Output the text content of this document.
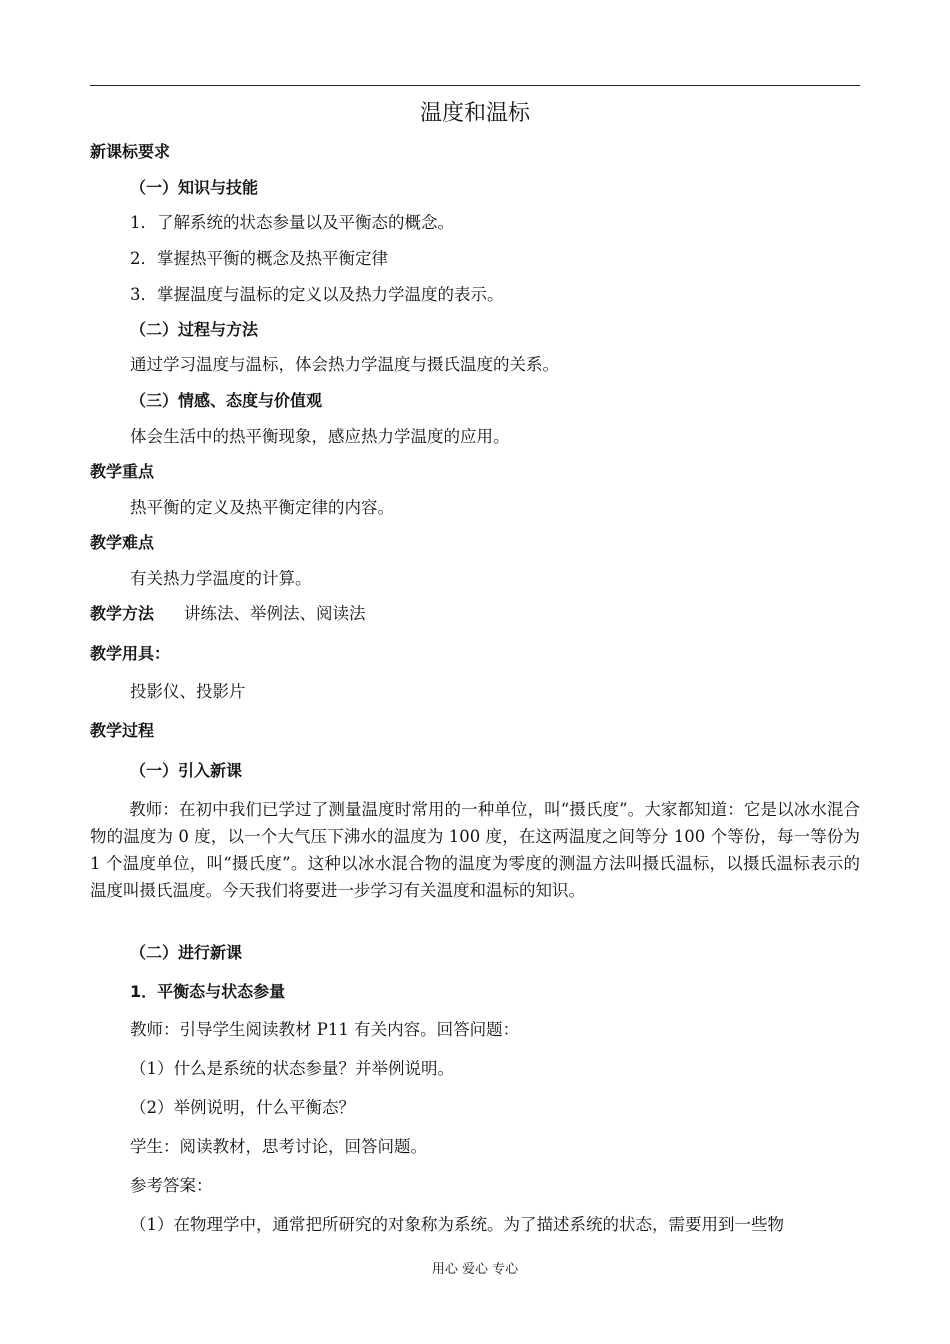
温度和温标
新课标要求
（一）知识与技能
1．了解系统的状态参量以及平衡态的概念。
2．掌握热平衡的概念及热平衡定律
3．掌握温度与温标的定义以及热力学温度的表示。
（二）过程与方法
通过学习温度与温标，体会热力学温度与摄氏温度的关系。
（三）情感、态度与价值观
体会生活中的热平衡现象，感应热力学温度的应用。
教学重点
热平衡的定义及热平衡定律的内容。
教学难点
有关热力学温度的计算。
教学方法 讲练法、举例法、阅读法
教学用具：
投影仪、投影片
教学过程
（一）引入新课
教师：在初中我们已学过了测量温度时常用的一种单位，叫“摄氏度”。大家都知道：它是以冰水混合物的温度为 0 度，以一个大气压下沸水的温度为 100 度，在这两温度之间等分 100 个等份，每一等份为 1 个温度单位，叫“摄氏度”。这种以冰水混合物的温度为零度的测温方法叫摄氏温标，以摄氏温标表示的温度叫摄氏温度。今天我们将要进一步学习有关温度和温标的知识。
（二）进行新课
1．平衡态与状态参量
教师：引导学生阅读教材 P11 有关内容。回答问题：
（1）什么是系统的状态参量？并举例说明。
（2）举例说明，什么平衡态？
学生：阅读教材，思考讨论，回答问题。
参考答案：
（1）在物理学中，通常把所研究的对象称为系统。为了描述系统的状态，需要用到一些物
用心 爱心 专心
